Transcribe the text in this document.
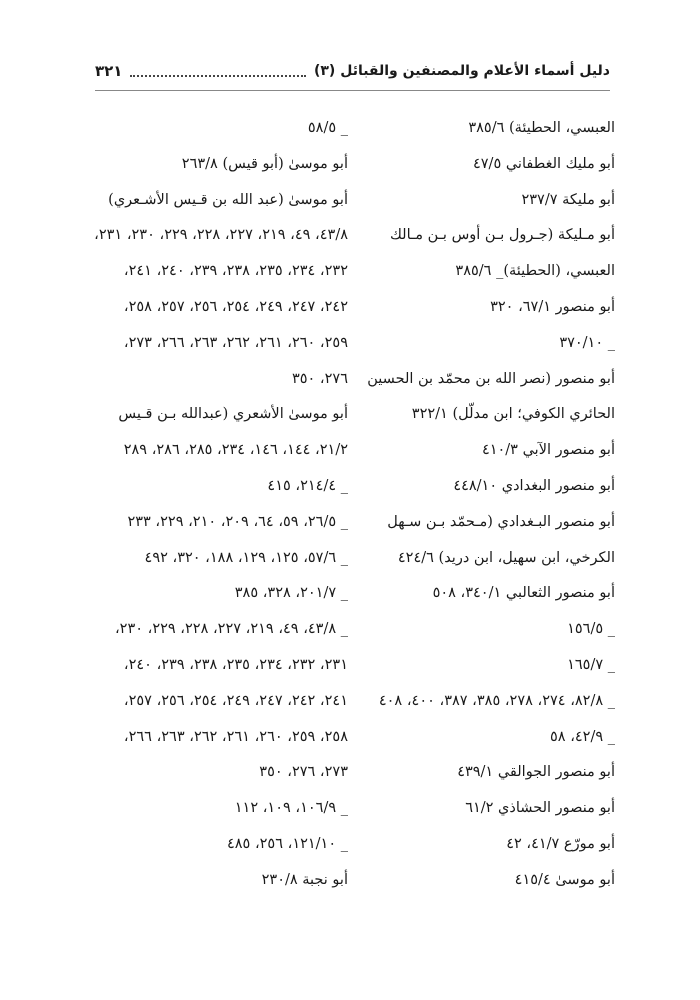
دليل أسماء الأعلام والمصنفين والقبائل (٣)
٣٢١
العبسي، الحطيئة) ٣٨٥/٦
أبو مليك الغطفاني ٤٧/٥
أبو مليكة ٢٣٧/٧
أبو مـليكة (جـرول بـن أوس بـن مـالك
العبسي، (الحطيئة)_ ٣٨٥/٦
أبو منصور ٦٧/١، ٣٢٠
_ ٣٧٠/١٠
أبو منصور (نصر الله بن محمّد بن الحسين
الحائري الكوفي؛ ابن مدلّل) ٣٢٢/١
أبو منصور الآبي ٤١٠/٣
أبو منصور البغدادي ٤٤٨/١٠
أبو منصور البـغدادي (مـحمّد بـن سـهل
الكرخي، ابن سهيل، ابن دريد) ٤٢٤/٦
أبو منصور الثعالبي ٣٤٠/١، ٥٠٨
_ ١٥٦/٥
_ ١٦٥/٧
_ ٨٢/٨، ٢٧٤، ٢٧٨، ٣٨٥، ٣٨٧، ٤٠٠، ٤٠٨
_ ٤٢/٩، ٥٨
أبو منصور الجوالقي ٤٣٩/١
أبو منصور الحشاذي ٦١/٢
أبو مورّع ٤١/٧، ٤٢
أبو موسىٰ ٤١٥/٤
_ ٥٨/٥
أبو موسىٰ (أبو قيس) ٢٦٣/٨
أبو موسىٰ (عبد الله بن قـيس الأشـعري)
٤٣/٨، ٤٩، ٢١٩، ٢٢٧، ٢٢٨، ٢٢٩، ٢٣٠، ٢٣١،
٢٣٢، ٢٣٤، ٢٣٥، ٢٣٨، ٢٣٩، ٢٤٠، ٢٤١،
٢٤٢، ٢٤٧، ٢٤٩، ٢٥٤، ٢٥٦، ٢٥٧، ٢٥٨،
٢٥٩، ٢٦٠، ٢٦١، ٢٦٢، ٢٦٣، ٢٦٦، ٢٧٣،
٢٧٦، ٣٥٠
أبو موسىٰ الأشعري (عبدالله بـن قـيس
٢١/٢، ١٤٤، ١٤٦، ٢٣٤، ٢٨٥، ٢٨٦، ٢٨٩
_ ٢١٤/٤، ٤١٥
_ ٢٦/٥، ٥٩، ٦٤، ٢٠٩، ٢١٠، ٢٢٩، ٢٣٣
_ ٥٧/٦، ١٢٥، ١٢٩، ١٨٨، ٣٢٠، ٤٩٢
_ ٢٠١/٧، ٣٢٨، ٣٨٥
_ ٤٣/٨، ٤٩، ٢١٩، ٢٢٧، ٢٢٨، ٢٢٩، ٢٣٠،
٢٣١، ٢٣٢، ٢٣٤، ٢٣٥، ٢٣٨، ٢٣٩، ٢٤٠،
٢٤١، ٢٤٢، ٢٤٧، ٢٤٩، ٢٥٤، ٢٥٦، ٢٥٧،
٢٥٨، ٢٥٩، ٢٦٠، ٢٦١، ٢٦٢، ٢٦٣، ٢٦٦،
٢٧٣، ٢٧٦، ٣٥٠
_ ١٠٦/٩، ١٠٩، ١١٢
_ ١٢١/١٠، ٢٥٦، ٤٨٥
أبو نجبة ٢٣٠/٨
